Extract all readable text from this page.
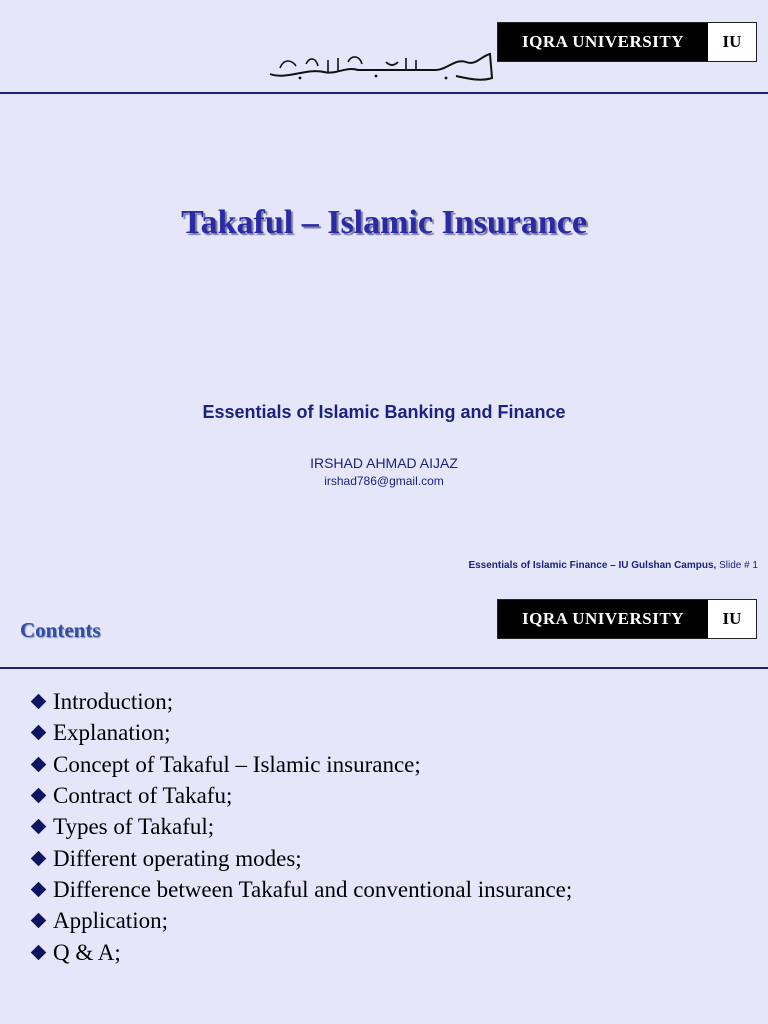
IQRA UNIVERSITY	IU
Takaful – Islamic Insurance
Essentials of Islamic Banking and Finance
IRSHAD AHMAD AIJAZ
irshad786@gmail.com
Essentials of Islamic Finance – IU Gulshan Campus, Slide # 1
Contents	IQRA UNIVERSITY	IU
Introduction;
Explanation;
Concept of Takaful – Islamic insurance;
Contract of Takafu;
Types of Takaful;
Different operating modes;
Difference between Takaful and conventional insurance;
Application;
Q & A;
